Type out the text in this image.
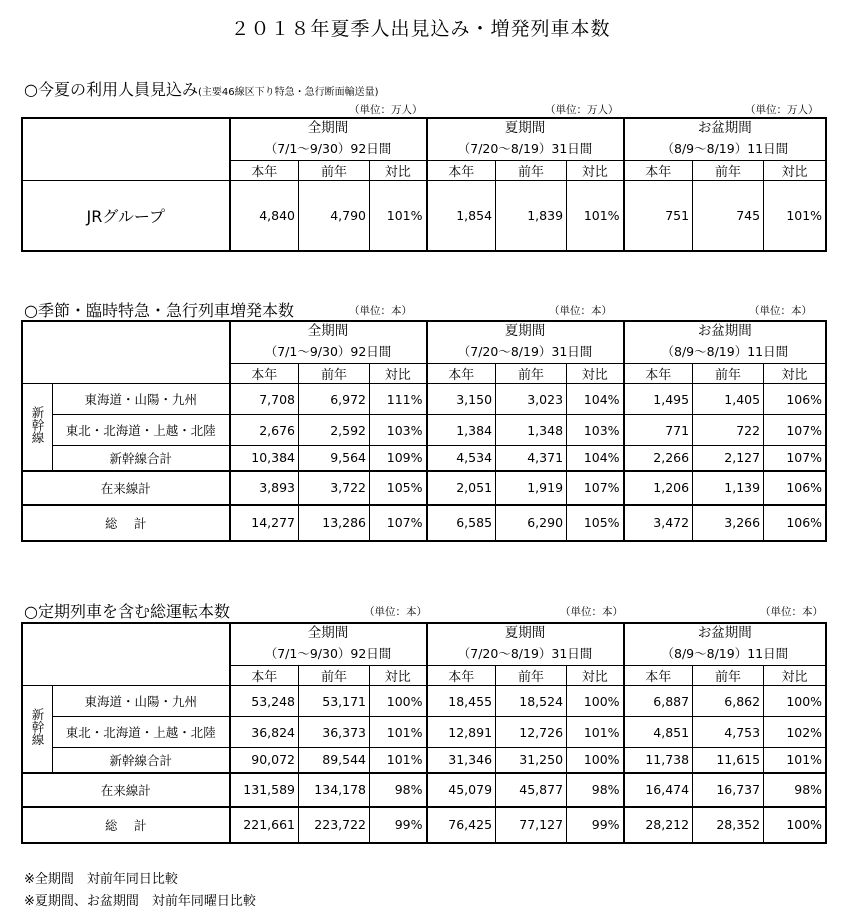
２０１８年夏季人出見込み・増発列車本数
○今夏の利用人員見込み(主要46線区下り特急・急行断面輸送量)
（単位：万人）	（単位：万人）	（単位：万人）
	全期間			夏期間			お盆期間		
	（7/1〜9/30）92日間			（7/20〜8/19）31日間			（8/9〜8/19）11日間		
	本年	前年	対比	本年	前年	対比	本年	前年	対比
JRグループ	4,840	4,790	101%	1,854	1,839	101%	751	745	101%
○季節・臨時特急・急行列車増発本数	（単位：本）	（単位：本）	（単位：本）
		全期間			夏期間			お盆期間		
		（7/1〜9/30）92日間			（7/20〜8/19）31日間			（8/9〜8/19）11日間		
		本年	前年	対比	本年	前年	対比	本年	前年	対比
新幹線	東海道・山陽・九州	7,708	6,972	111%	3,150	3,023	104%	1,495	1,405	106%
	東北・北海道・上越・北陸	2,676	2,592	103%	1,384	1,348	103%	771	722	107%
	新幹線合計	10,384	9,564	109%	4,534	4,371	104%	2,266	2,127	107%
在来線計		3,893	3,722	105%	2,051	1,919	107%	1,206	1,139	106%
総　 計		14,277	13,286	107%	6,585	6,290	105%	3,472	3,266	106%
○定期列車を含む総運転本数	（単位：本）	（単位：本）	（単位：本）
		全期間			夏期間			お盆期間		
		（7/1〜9/30）92日間			（7/20〜8/19）31日間			（8/9〜8/19）11日間		
		本年	前年	対比	本年	前年	対比	本年	前年	対比
新幹線	東海道・山陽・九州	53,248	53,171	100%	18,455	18,524	100%	6,887	6,862	100%
	東北・北海道・上越・北陸	36,824	36,373	101%	12,891	12,726	101%	4,851	4,753	102%
	新幹線合計	90,072	89,544	101%	31,346	31,250	100%	11,738	11,615	101%
在来線計		131,589	134,178	98%	45,079	45,877	98%	16,474	16,737	98%
総　 計		221,661	223,722	99%	76,425	77,127	99%	28,212	28,352	100%
※全期間　対前年同日比較
※夏期間、お盆期間　対前年同曜日比較
